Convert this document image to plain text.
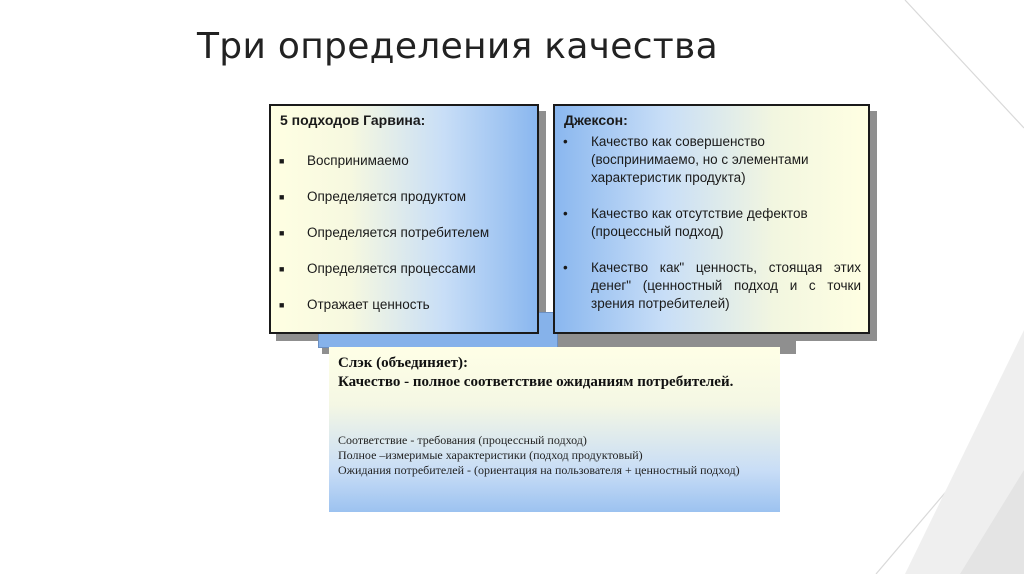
Три определения качества
5 подходов Гарвина:
■ Воспринимаемо
■ Определяется продуктом
■ Определяется потребителем
■ Определяется процессами
■ Отражает ценность
Джексон:
• Качество как совершенство (воспринимаемо, но с элементами характеристик продукта)
• Качество как отсутствие дефектов (процессный подход)
• Качество как" ценность, стоящая этих денег" (ценностный подход и с точки зрения потребителей)
Слэк (объединяет):
Качество - полное соответствие ожиданиям потребителей.
Соответствие - требования (процессный подход)
Полное –измеримые характеристики (подход продуктовый)
Ожидания потребителей - (ориентация на пользователя + ценностный подход)
